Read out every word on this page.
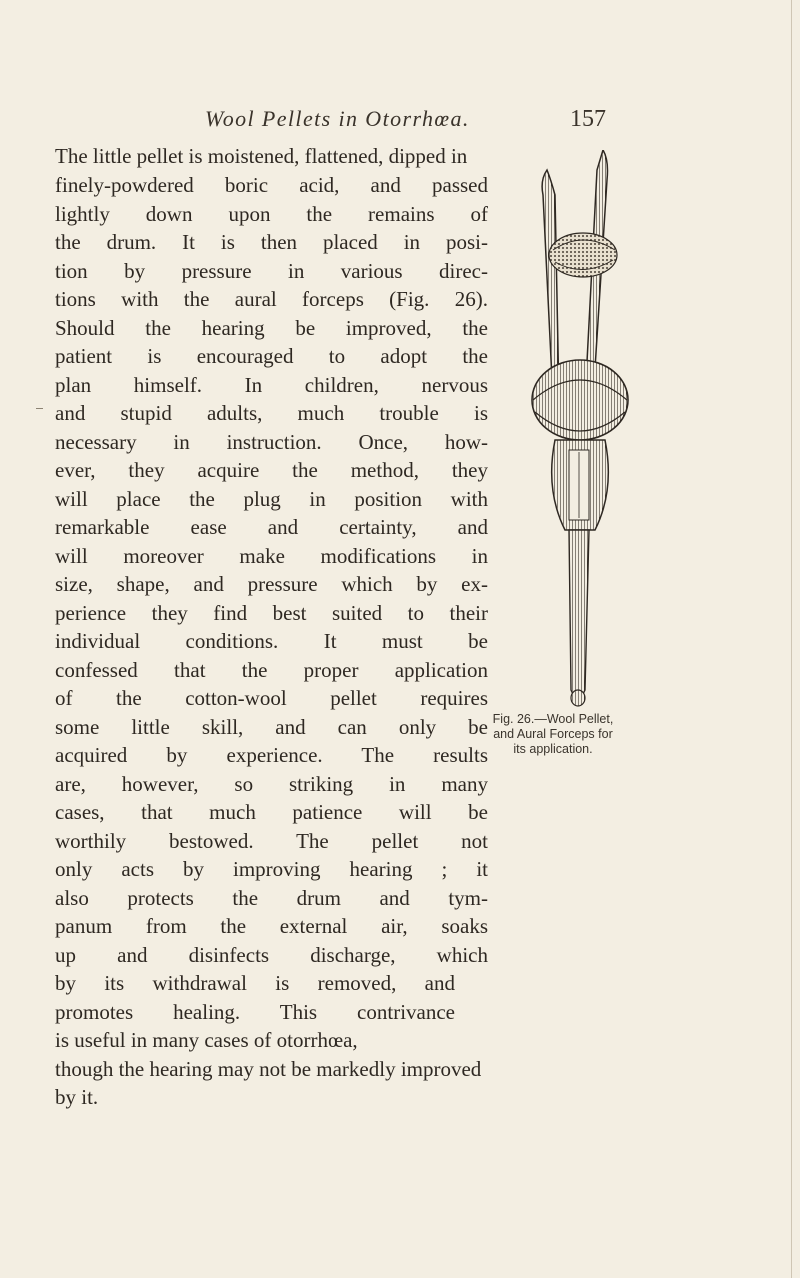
Wool Pellets in Otorrhœa.	157
The little pellet is moistened, flattened, dipped in
finely-powdered boric acid, and passed
lightly down upon the remains of
the drum. It is then placed in posi-
tion by pressure in various direc-
tions with the aural forceps (Fig. 26).
Should the hearing be improved, the
patient is encouraged to adopt the
plan himself. In children, nervous
and stupid adults, much trouble is
necessary in instruction. Once, how-
ever, they acquire the method, they
will place the plug in position with
remarkable ease and certainty, and
will moreover make modifications in
size, shape, and pressure which by ex-
perience they find best suited to their
individual conditions. It must be
confessed that the proper application
of the cotton-wool pellet requires
some little skill, and can only be
acquired by experience. The results
are, however, so striking in many
cases, that much patience will be
worthily bestowed. The pellet not
only acts by improving hearing ; it
also protects the drum and tym-
panum from the external air, soaks
up and disinfects discharge, which
by its withdrawal is removed, and
promotes healing. This contrivance
is useful in many cases of otorrhœa,
though the hearing may not be markedly improved
by it.
Fig. 26.—Wool Pellet,
and Aural Forceps for
its application.
